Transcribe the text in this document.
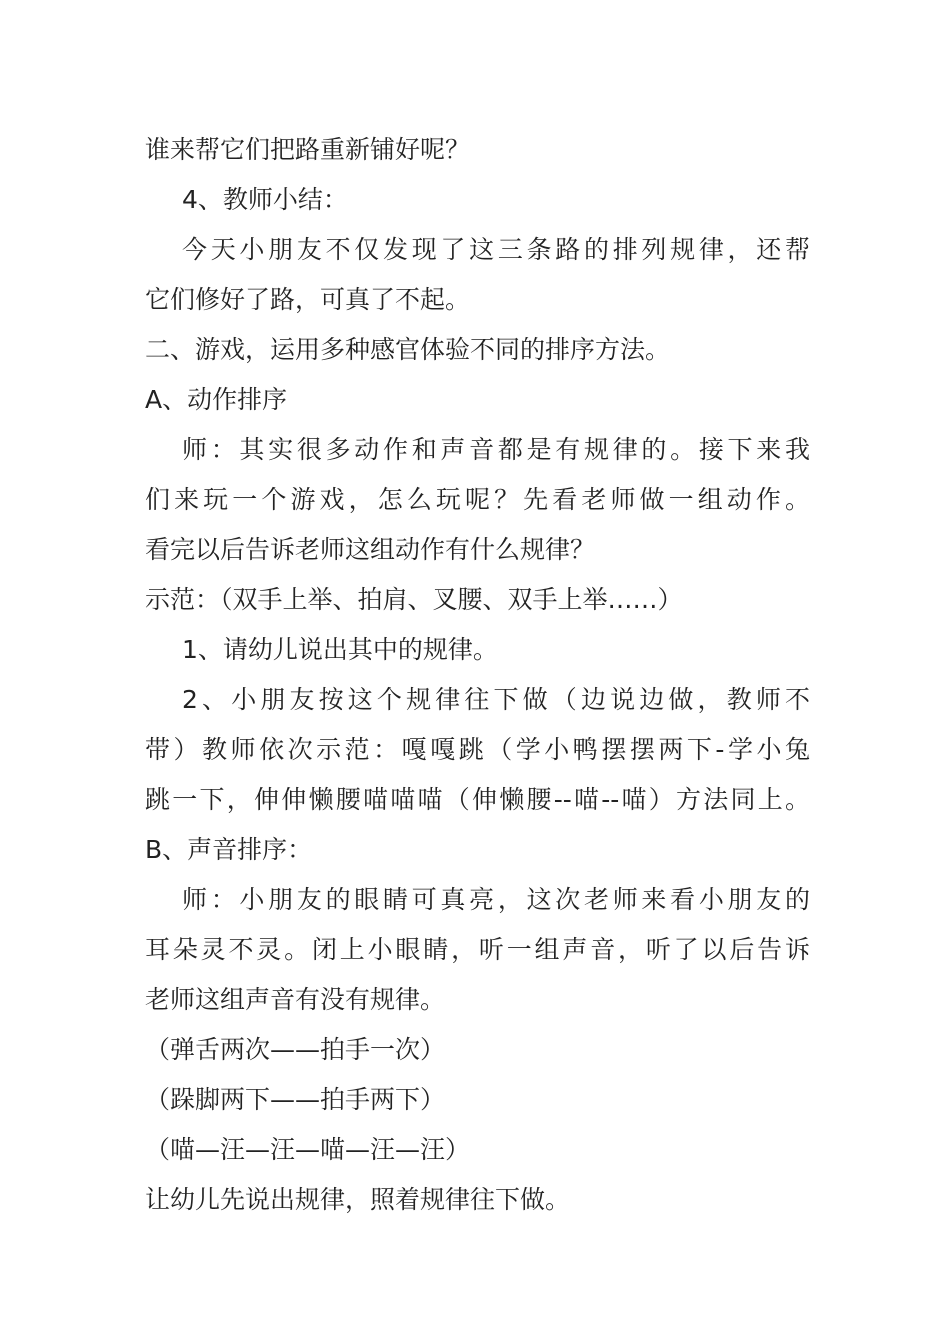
谁来帮它们把路重新铺好呢？
4、教师小结：
今天小朋友不仅发现了这三条路的排列规律，还帮
它们修好了路，可真了不起。
二、游戏，运用多种感官体验不同的排序方法。
A、动作排序
师：其实很多动作和声音都是有规律的。接下来我
们来玩一个游戏，怎么玩呢？先看老师做一组动作。
看完以后告诉老师这组动作有什么规律？
示范：（双手上举、拍肩、叉腰、双手上举……）
1、请幼儿说出其中的规律。
2、小朋友按这个规律往下做（边说边做，教师不
带）教师依次示范：嘎嘎跳（学小鸭摆摆两下-学小兔
跳一下，伸伸懒腰喵喵喵（伸懒腰--喵--喵）方法同上。
B、声音排序：
师：小朋友的眼睛可真亮，这次老师来看小朋友的
耳朵灵不灵。闭上小眼睛，听一组声音，听了以后告诉
老师这组声音有没有规律。
（弹舌两次——拍手一次）
（跺脚两下——拍手两下）
（喵—汪—汪—喵—汪—汪）
让幼儿先说出规律，照着规律往下做。
